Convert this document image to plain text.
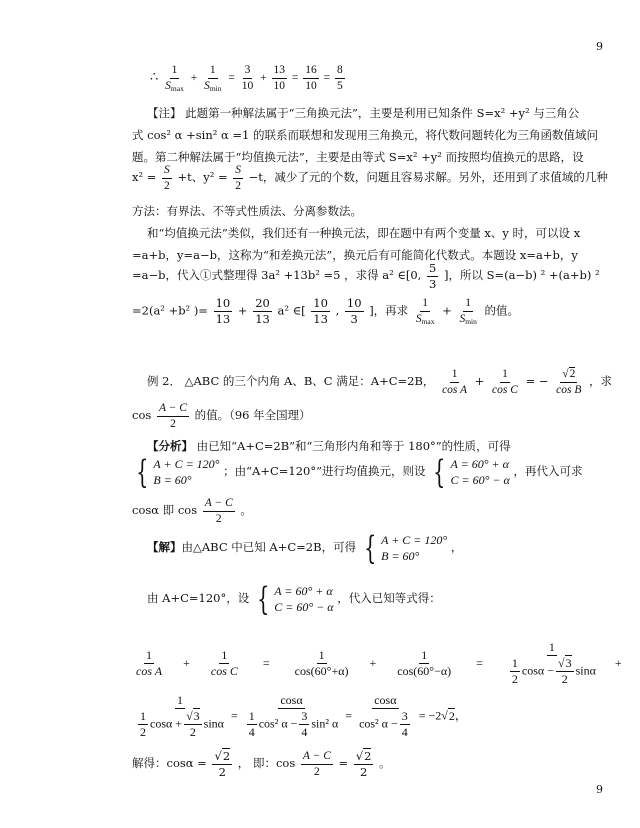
9
∴ $\frac{1}{S_{max}} + \frac{1}{S_{min}} = \frac{3}{10} + \frac{13}{10} = \frac{16}{10} = \frac{8}{5}$
【注】 此题第一种解法属于“三角换元法”，主要是利用已知条件 S=x² +y² 与三角公
式 cos² α +sin² α =1 的联系而联想和发现用三角换元，将代数问题转化为三角函数值域问
题。第二种解法属于“均值换元法”，主要是由等式 S=x² +y² 而按照均值换元的思路，设
$x^2 = \frac{S}{2} +t$、$y^2 = \frac{S}{2} -t$，减少了元的个数，问题且容易求解。另外，还用到了求值域的几种
方法：有界法、不等式性质法、分离参数法。
和“均值换元法”类似，我们还有一种换元法，即在题中有两个变量 x、y 时，可以设 x
=a+b，y=a−b，这称为“和差换元法”，换元后有可能简化代数式。本题设 x=a+b，y
=a−b，代入①式整理得 3a² +13b² =5 ，求得 a² ∈[0, $\frac{5}{3}$ ]，所以 S=(a−b) ² +(a+b) ²
=2(a² +b² )= $\frac{10}{13} + \frac{20}{13} a^2$ ∈[ $\frac{10}{13}$ , $\frac{10}{3}$ ]，再求 $\frac{1}{S_{max}} + \frac{1}{S_{min}}$ 的值。
例 2． △ABC 的三个内角 A、B、C 满足：A+C=2B， $\frac{1}{\text{cos A}} + \frac{1}{\text{cos C}}$ = − $\frac{√2}{\text{cos B}}$ ，求
$\cos \frac{A - C}{2}$ 的值。（96 年全国理）
【分析】 由已知“A+C=2B”和“三角形内角和等于 180°”的性质，可得
{ A + C = 120°
B = 60°
；由“A+C=120°”进行均值换元，则设 { A = 60° + α
C = 60° − α
，再代入可求
cosα 即 $\cos \frac{A - C}{2}$ 。
【解】由△ABC 中已知 A+C=2B，可得 { A + C = 120°
B = 60°
，
由 A+C=120°，设 { A = 60° + α
C = 60° − α
，代入已知等式得：
$\frac{1}{\text{cos A}} + \frac{1}{\text{cos C}} = \frac{1}{\cos(60^\circ+\alpha)} + \frac{1}{\cos(60^\circ-\alpha)} = \frac{1}{\frac{1}{2} \cos\alpha - \frac{√3}{2} \sin\alpha}$ +
$\frac{1}{\frac{1}{2} \cos\alpha + \frac{√3}{2} \sin\alpha} = \frac{\cos\alpha}{\frac{1}{4} \cos^2 \alpha - \frac{3}{4} \sin^2 \alpha} = \frac{\cos\alpha}{\cos^2 \alpha - \frac{3}{4}} = -2√2$，
解得：$\cos\alpha = \frac{√2}{2}$ ， 即：$\cos \frac{A - C}{2} = \frac{√2}{2}$ 。
9
